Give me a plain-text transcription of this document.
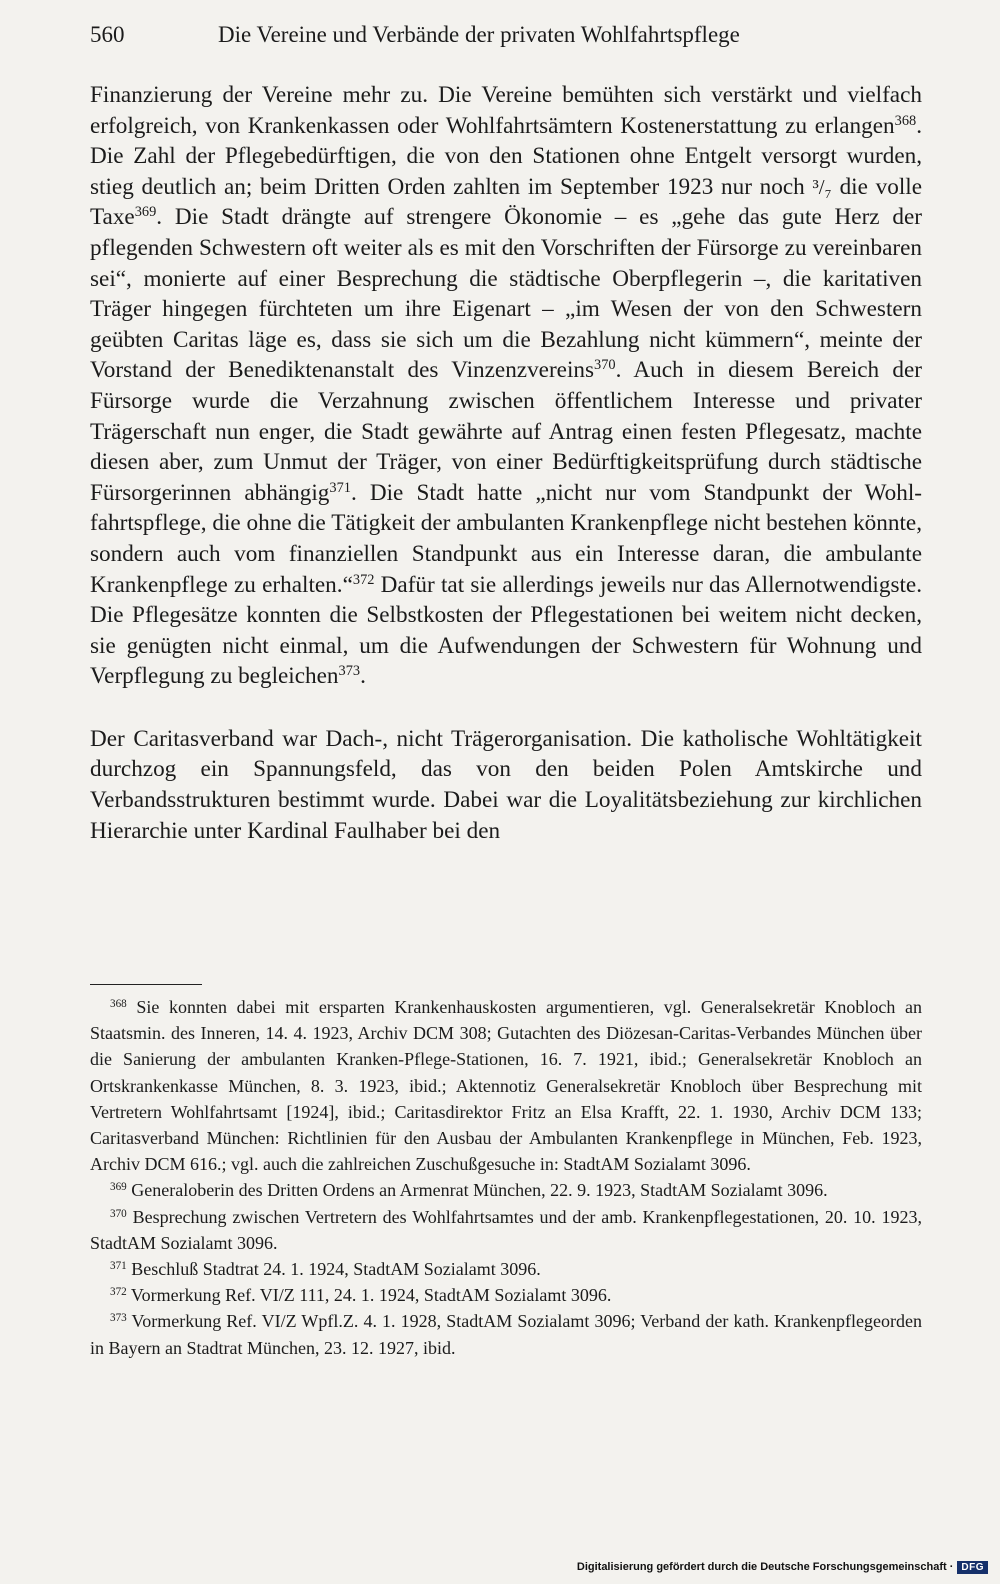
560	Die Vereine und Verbände der privaten Wohlfahrtspflege

Finanzierung der Vereine mehr zu. Die Vereine bemühten sich verstärkt und vielfach erfolgreich, von Krankenkassen oder Wohlfahrtsämtern Kostenerstattung zu erlangen$^{368}$. Die Zahl der Pflegebedürftigen, die von den Stationen ohne Entgelt versorgt wurden, stieg deutlich an; beim Dritten Orden zahlten im September 1923 nur noch ³/₇ die volle Taxe$^{369}$. Die Stadt drängte auf strengere Ökonomie – es „gehe das gute Herz der pflegenden Schwestern oft weiter als es mit den Vorschriften der Fürsorge zu vereinbaren sei“, monierte auf einer Besprechung die städtische Oberpflegerin –, die karitativen Träger hingegen fürchteten um ihre Eigenart – „im Wesen der von den Schwestern geübten Caritas läge es, dass sie sich um die Bezahlung nicht kümmern“, meinte der Vorstand der Benediktenanstalt des Vinzenzvereins$^{370}$. Auch in diesem Bereich der Fürsorge wurde die Verzahnung zwischen öffentlichem Interesse und privater Trägerschaft nun enger, die Stadt gewährte auf Antrag einen festen Pflegesatz, machte diesen aber, zum Unmut der Träger, von einer Bedürftigkeitsprüfung durch städtische Fürsorgerinnen abhängig$^{371}$. Die Stadt hatte „nicht nur vom Standpunkt der Wohlfahrtspflege, die ohne die Tätigkeit der ambulanten Krankenpflege nicht bestehen könnte, sondern auch vom finanziellen Standpunkt aus ein Interesse daran, die ambulante Krankenpflege zu erhalten.“$^{372}$ Dafür tat sie allerdings jeweils nur das Allernotwendigste. Die Pflegesätze konnten die Selbstkosten der Pflegestationen bei weitem nicht decken, sie genügten nicht einmal, um die Aufwendungen der Schwestern für Wohnung und Verpflegung zu begleichen$^{373}$.

Der Caritasverband war Dach-, nicht Trägerorganisation. Die katholische Wohltätigkeit durchzog ein Spannungsfeld, das von den beiden Polen Amtskirche und Verbandsstrukturen bestimmt wurde. Dabei war die Loyalitätsbeziehung zur kirchlichen Hierarchie unter Kardinal Faulhaber bei den

$^{368}$ Sie konnten dabei mit ersparten Krankenhauskosten argumentieren, vgl. Generalsekretär Knobloch an Staatsmin. des Inneren, 14. 4. 1923, Archiv DCM 308; Gutachten des Diözesan-Caritas-Verbandes München über die Sanierung der ambulanten Kranken-Pflege-Stationen, 16. 7. 1921, ibid.; Generalsekretär Knobloch an Ortskrankenkasse München, 8. 3. 1923, ibid.; Aktennotiz Generalsekretär Knobloch über Besprechung mit Vertretern Wohlfahrtsamt [1924], ibid.; Caritasdirektor Fritz an Elsa Krafft, 22. 1. 1930, Archiv DCM 133; Caritasverband München: Richtlinien für den Ausbau der Ambulanten Krankenpflege in München, Feb. 1923, Archiv DCM 616.; vgl. auch die zahlreichen Zuschußgesuche in: StadtAM Sozialamt 3096.

$^{369}$ Generaloberin des Dritten Ordens an Armenrat München, 22. 9. 1923, StadtAM Sozialamt 3096.

$^{370}$ Besprechung zwischen Vertretern des Wohlfahrtsamtes und der amb. Krankenpflegestationen, 20. 10. 1923, StadtAM Sozialamt 3096.

$^{371}$ Beschluß Stadtrat 24. 1. 1924, StadtAM Sozialamt 3096.

$^{372}$ Vormerkung Ref. VI/Z 111, 24. 1. 1924, StadtAM Sozialamt 3096.

$^{373}$ Vormerkung Ref. VI/Z Wpfl.Z. 4. 1. 1928, StadtAM Sozialamt 3096; Verband der kath. Krankenpflegeorden in Bayern an Stadtrat München, 23. 12. 1927, ibid.

Digitalisierung gefördert durch die Deutsche Forschungsgemeinschaft · DFG
